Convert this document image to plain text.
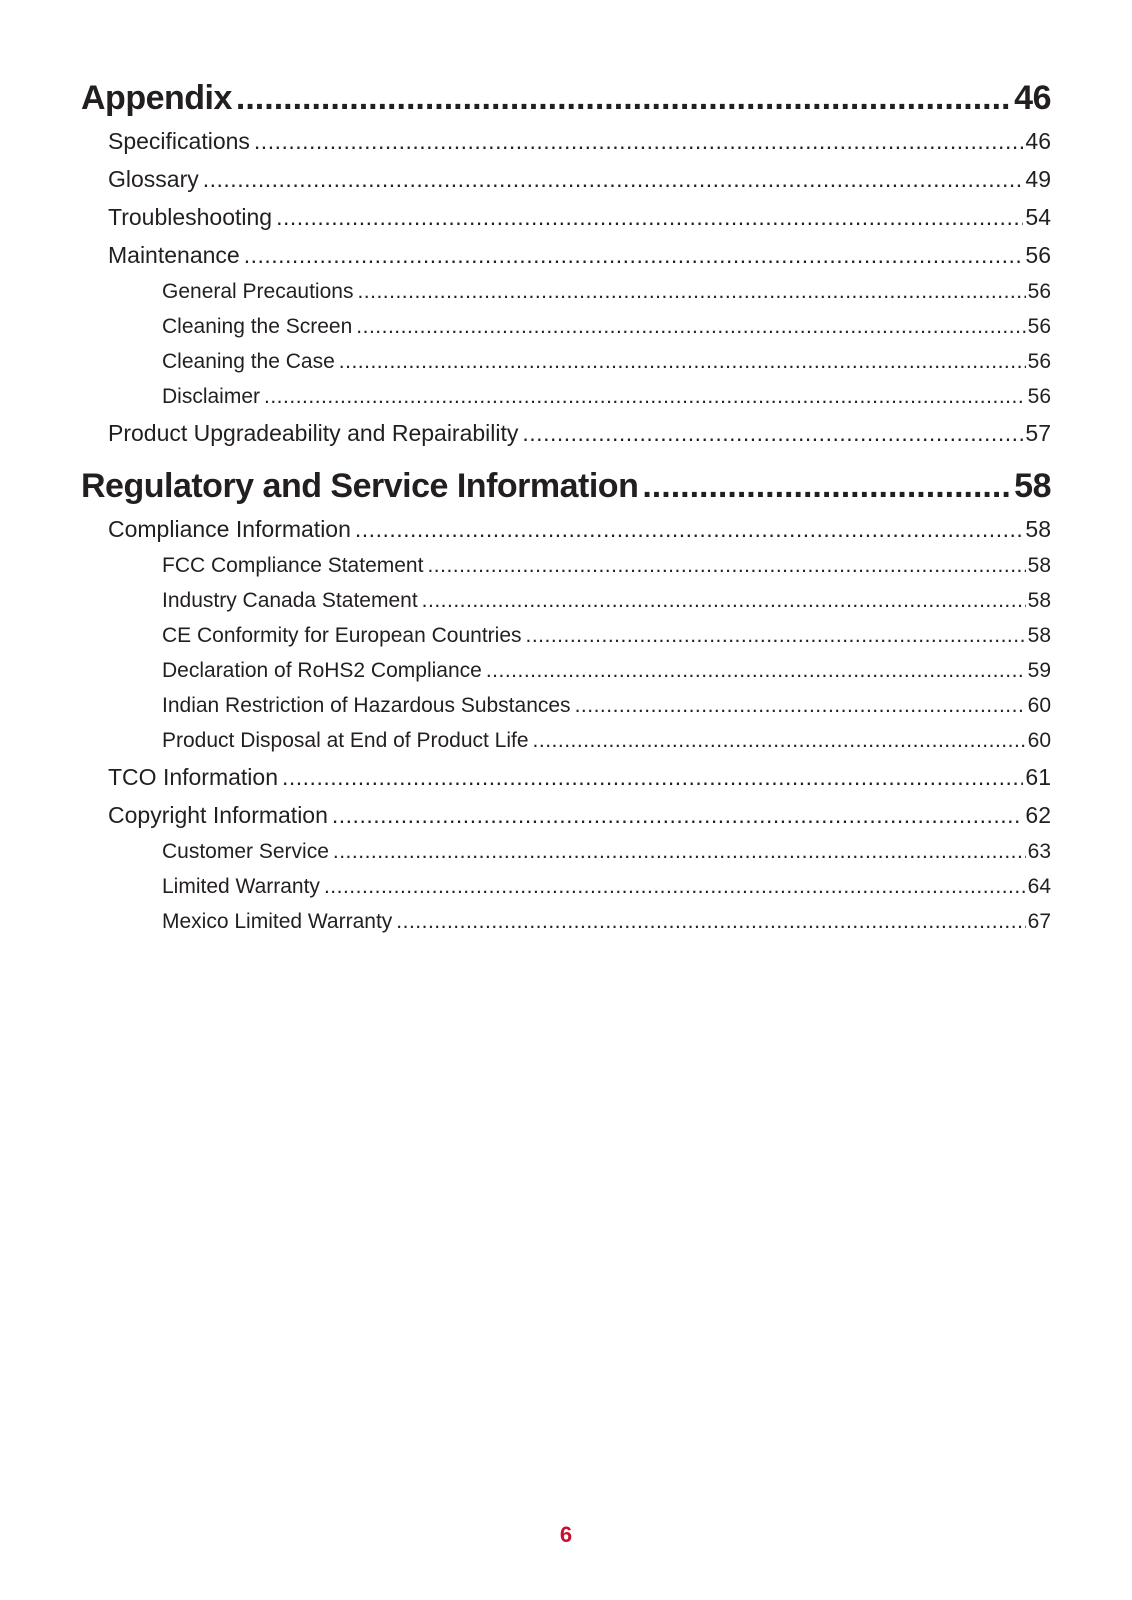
Appendix .....	46
Specifications .....	46
Glossary .....	49
Troubleshooting .....	54
Maintenance .....	56
General Precautions .....	56
Cleaning the Screen .....	56
Cleaning the Case .....	56
Disclaimer .....	56
Product Upgradeability and Repairability .....	57
Regulatory and Service Information .....	58
Compliance Information .....	58
FCC Compliance Statement .....	58
Industry Canada Statement .....	58
CE Conformity for European Countries .....	58
Declaration of RoHS2 Compliance .....	59
Indian Restriction of Hazardous Substances .....	60
Product Disposal at End of Product Life .....	60
TCO Information .....	61
Copyright Information .....	62
Customer Service .....	63
Limited Warranty .....	64
Mexico Limited Warranty .....	67
6
